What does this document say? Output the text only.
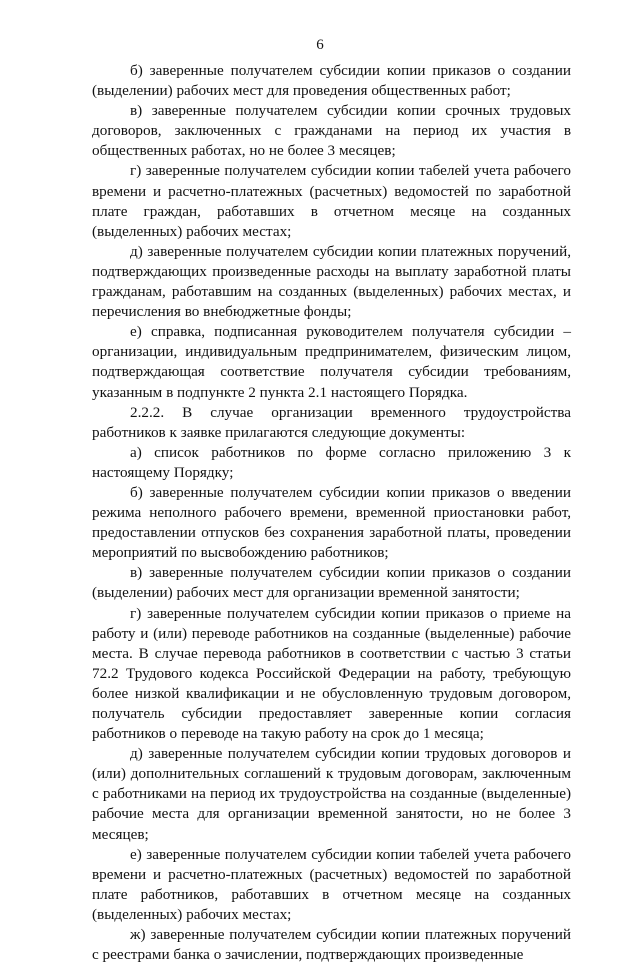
6

б) заверенные получателем субсидии копии приказов о создании (выделении) рабочих мест для проведения общественных работ;

в) заверенные получателем субсидии копии срочных трудовых договоров, заключенных с гражданами на период их участия в общественных работах, но не более 3 месяцев;

г) заверенные получателем субсидии копии табелей учета рабочего времени и расчетно-платежных (расчетных) ведомостей по заработной плате граждан, работавших в отчетном месяце на созданных (выделенных) рабочих местах;

д) заверенные получателем субсидии копии платежных поручений, подтверждающих произведенные расходы на выплату заработной платы гражданам, работавшим на созданных (выделенных) рабочих местах, и перечисления во внебюджетные фонды;

е) справка, подписанная руководителем получателя субсидии – организации, индивидуальным предпринимателем, физическим лицом, подтверждающая соответствие получателя субсидии требованиям, указанным в подпункте 2 пункта 2.1 настоящего Порядка.

2.2.2. В случае организации временного трудоустройства работников к заявке прилагаются следующие документы:

а) список работников по форме согласно приложению 3 к настоящему Порядку;

б) заверенные получателем субсидии копии приказов о введении режима неполного рабочего времени, временной приостановки работ, предоставлении отпусков без сохранения заработной платы, проведении мероприятий по высвобождению работников;

в) заверенные получателем субсидии копии приказов о создании (выделении) рабочих мест для организации временной занятости;

г) заверенные получателем субсидии копии приказов о приеме на работу и (или) переводе работников на созданные (выделенные) рабочие места. В случае перевода работников в соответствии с частью 3 статьи 72.2 Трудового кодекса Российской Федерации на работу, требующую более низкой квалификации и не обусловленную трудовым договором, получатель субсидии предоставляет заверенные копии согласия работников о переводе на такую работу на срок до 1 месяца;

д) заверенные получателем субсидии копии трудовых договоров и (или) дополнительных соглашений к трудовым договорам, заключенным с работниками на период их трудоустройства на созданные (выделенные) рабочие места для организации временной занятости, но не более 3 месяцев;

е) заверенные получателем субсидии копии табелей учета рабочего времени и расчетно-платежных (расчетных) ведомостей по заработной плате работников, работавших в отчетном месяце на созданных (выделенных) рабочих местах;

ж) заверенные получателем субсидии копии платежных поручений с реестрами банка о зачислении, подтверждающих произведенные
